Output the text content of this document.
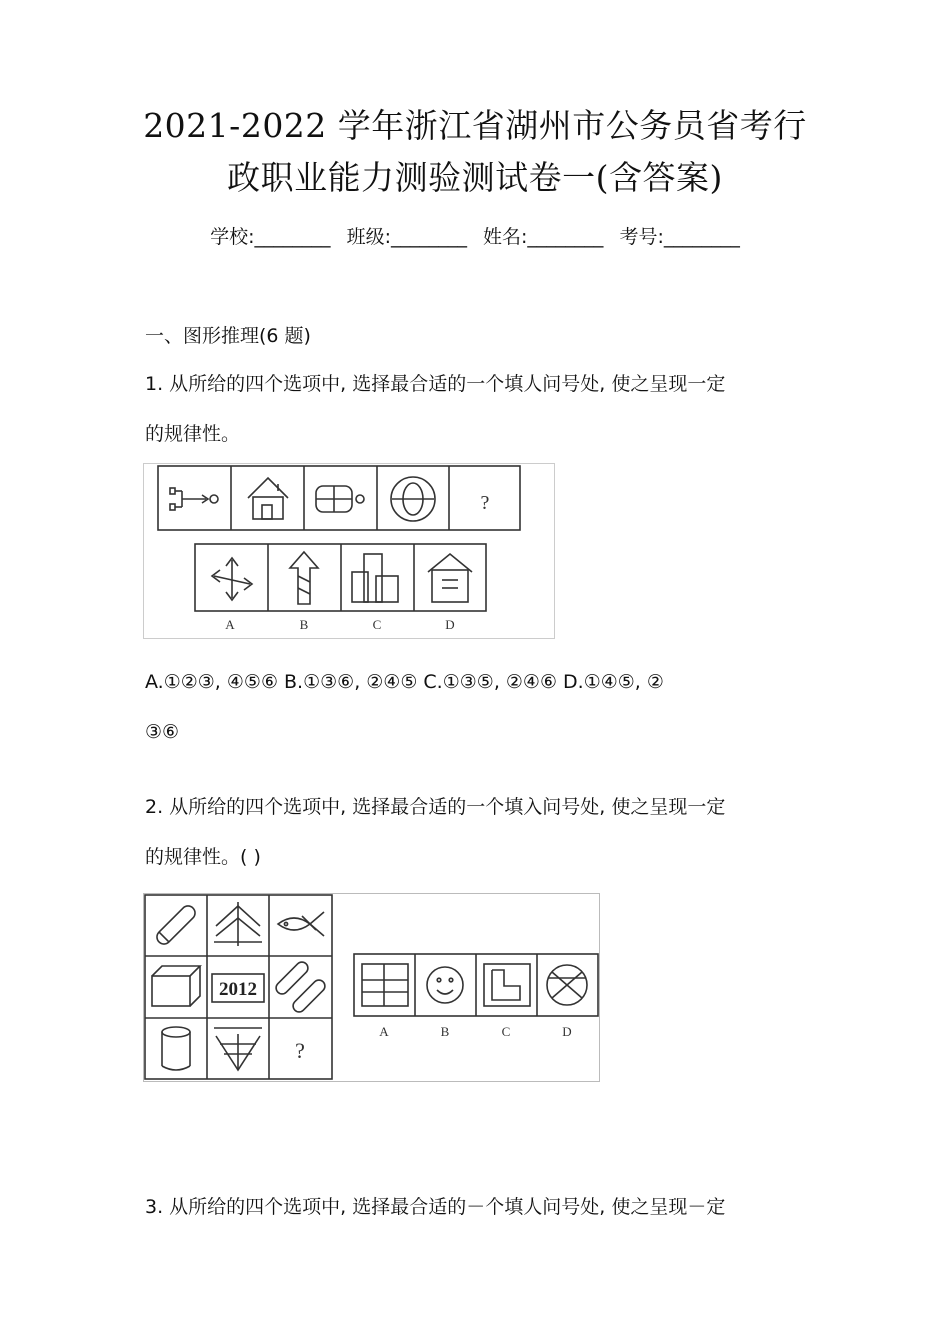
2021-2022 学年浙江省湖州市公务员省考行
政职业能力测验测试卷一(含答案)
学校:________ 班级:________ 姓名:________ 考号:________
一、图形推理(6 题)
1. 从所给的四个选项中, 选择最合适的一个填人问号处, 使之呈现一定
的规律性。
?
A	B	C	D
A.①②③, ④⑤⑥ B.①③⑥, ②④⑤ C.①③⑤, ②④⑥ D.①④⑤, ②
③⑥
2. 从所给的四个选项中, 选择最合适的一个填入问号处, 使之呈现一定
的规律性。( )
2012
?
A	B	C	D
3. 从所给的四个选项中, 选择最合适的－个填人问号处, 使之呈现－定
